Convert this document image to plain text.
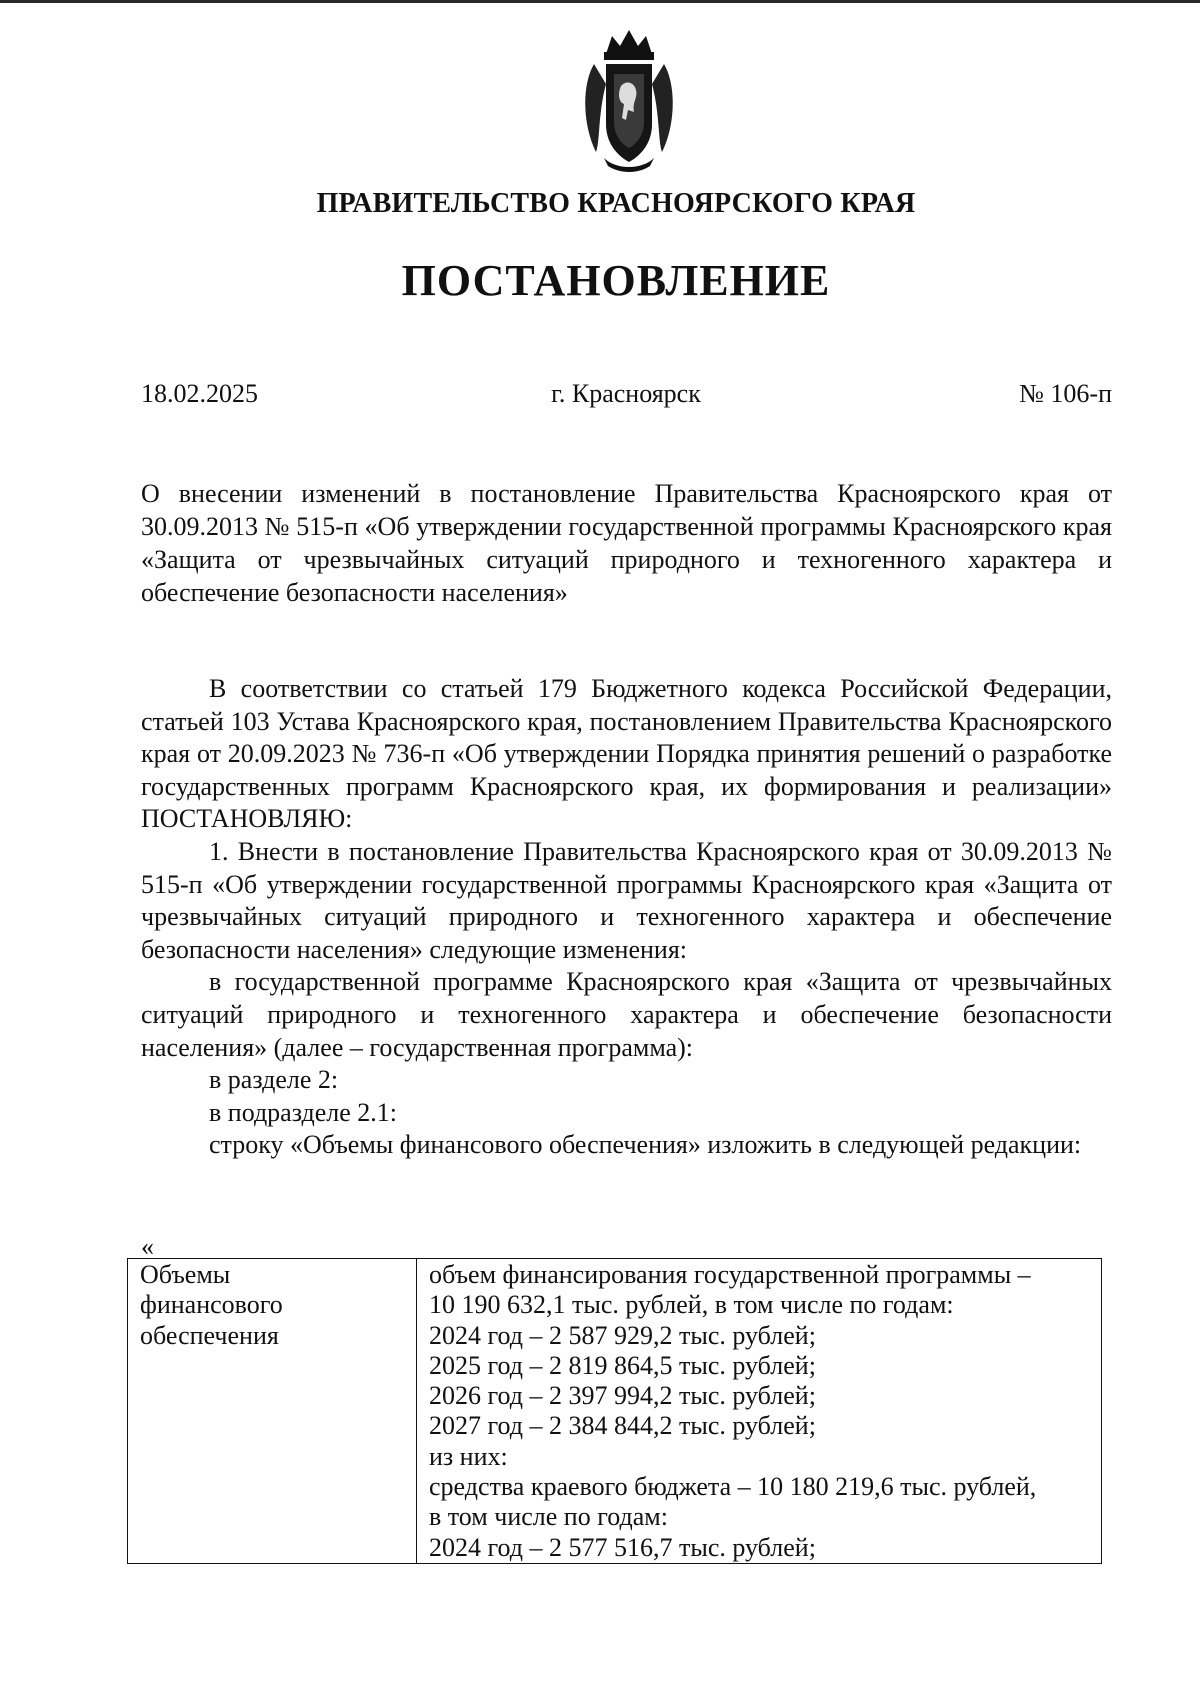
ПРАВИТЕЛЬСТВО КРАСНОЯРСКОГО КРАЯ
ПОСТАНОВЛЕНИЕ
18.02.2025	г. Красноярск	№ 106-п
О внесении изменений в постановление Правительства Красноярского края от 30.09.2013 № 515-п «Об утверждении государственной программы Красноярского края «Защита от чрезвычайных ситуаций природного и техногенного характера и обеспечение безопасности населения»

В соответствии со статьей 179 Бюджетного кодекса Российской Федерации, статьей 103 Устава Красноярского края, постановлением Правительства Красноярского края от 20.09.2023 № 736-п «Об утверждении Порядка принятия решений о разработке государственных программ Красноярского края, их формирования и реализации» ПОСТАНОВЛЯЮ:

1. Внести в постановление Правительства Красноярского края от 30.09.2013 № 515-п «Об утверждении государственной программы Красноярского края «Защита от чрезвычайных ситуаций природного и техногенного характера и обеспечение безопасности населения» следующие изменения:

в государственной программе Красноярского края «Защита от чрезвычайных ситуаций природного и техногенного характера и обеспечение безопасности населения» (далее – государственная программа):

в разделе 2:

в подразделе 2.1:

строку «Объемы финансового обеспечения» изложить в следующей редакции:

«
Объемы
финансового
обеспечения

объем финансирования государственной программы –
10 190 632,1 тыс. рублей, в том числе по годам:
2024 год – 2 587 929,2 тыс. рублей;
2025 год – 2 819 864,5 тыс. рублей;
2026 год – 2 397 994,2 тыс. рублей;
2027 год – 2 384 844,2 тыс. рублей;
из них:
средства краевого бюджета – 10 180 219,6 тыс. рублей,
в том числе по годам:
2024 год – 2 577 516,7 тыс. рублей;
